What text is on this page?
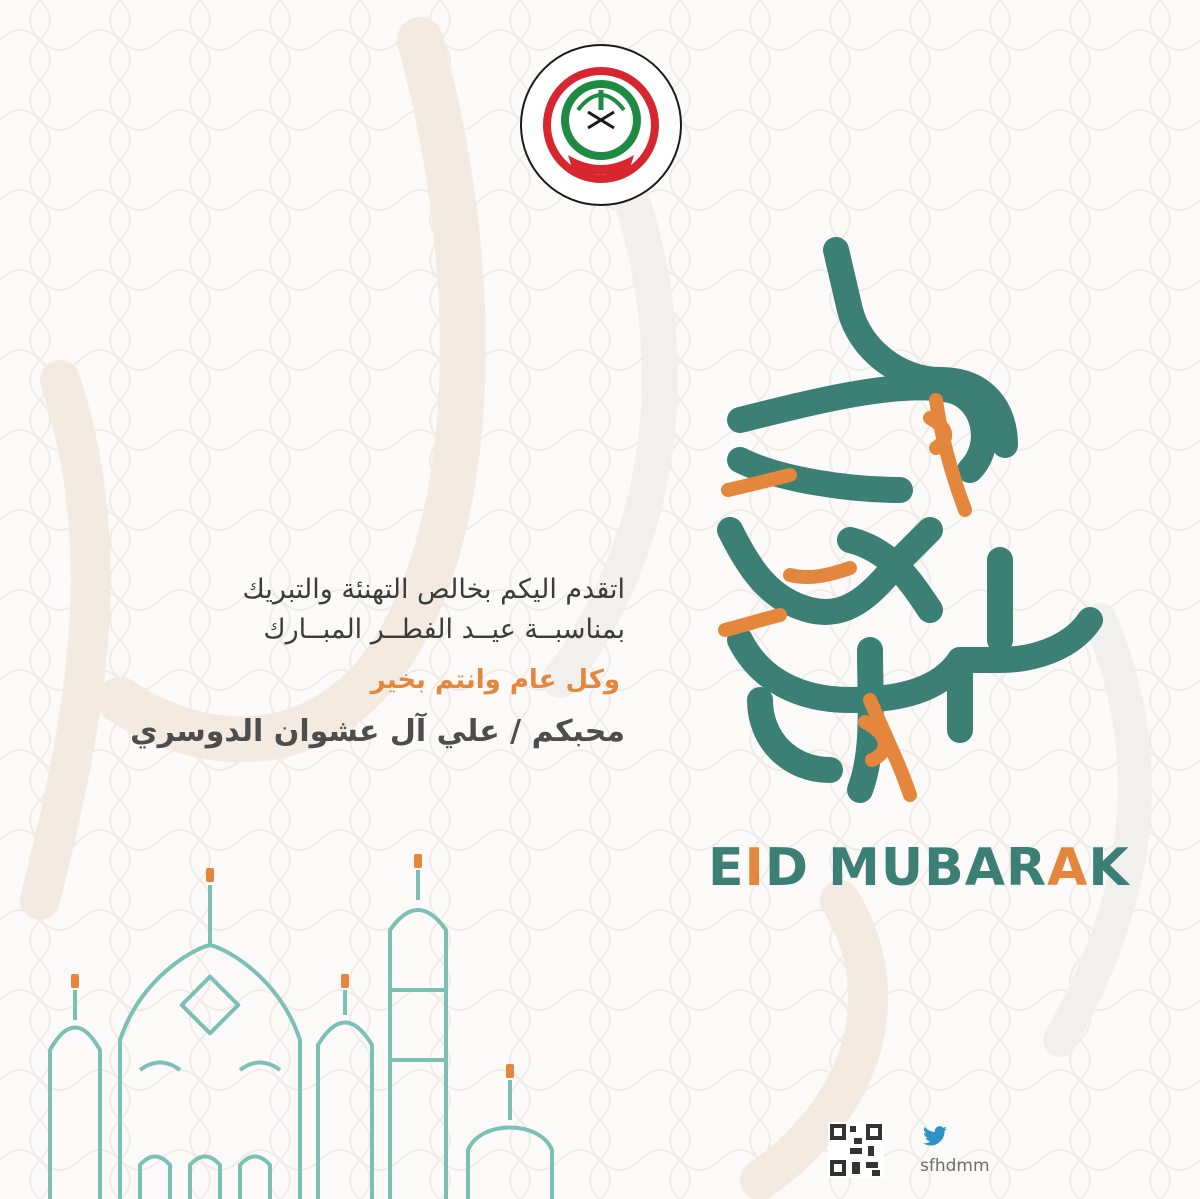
اتقدم اليكم بخالص التهنئة والتبريك

بمناسبــة عيــد الفطــر المبــارك

وكل عام وانتم بخير

محبكم / علي آل عشوان الدوسري

EID MUBARAK
sfhdmm
